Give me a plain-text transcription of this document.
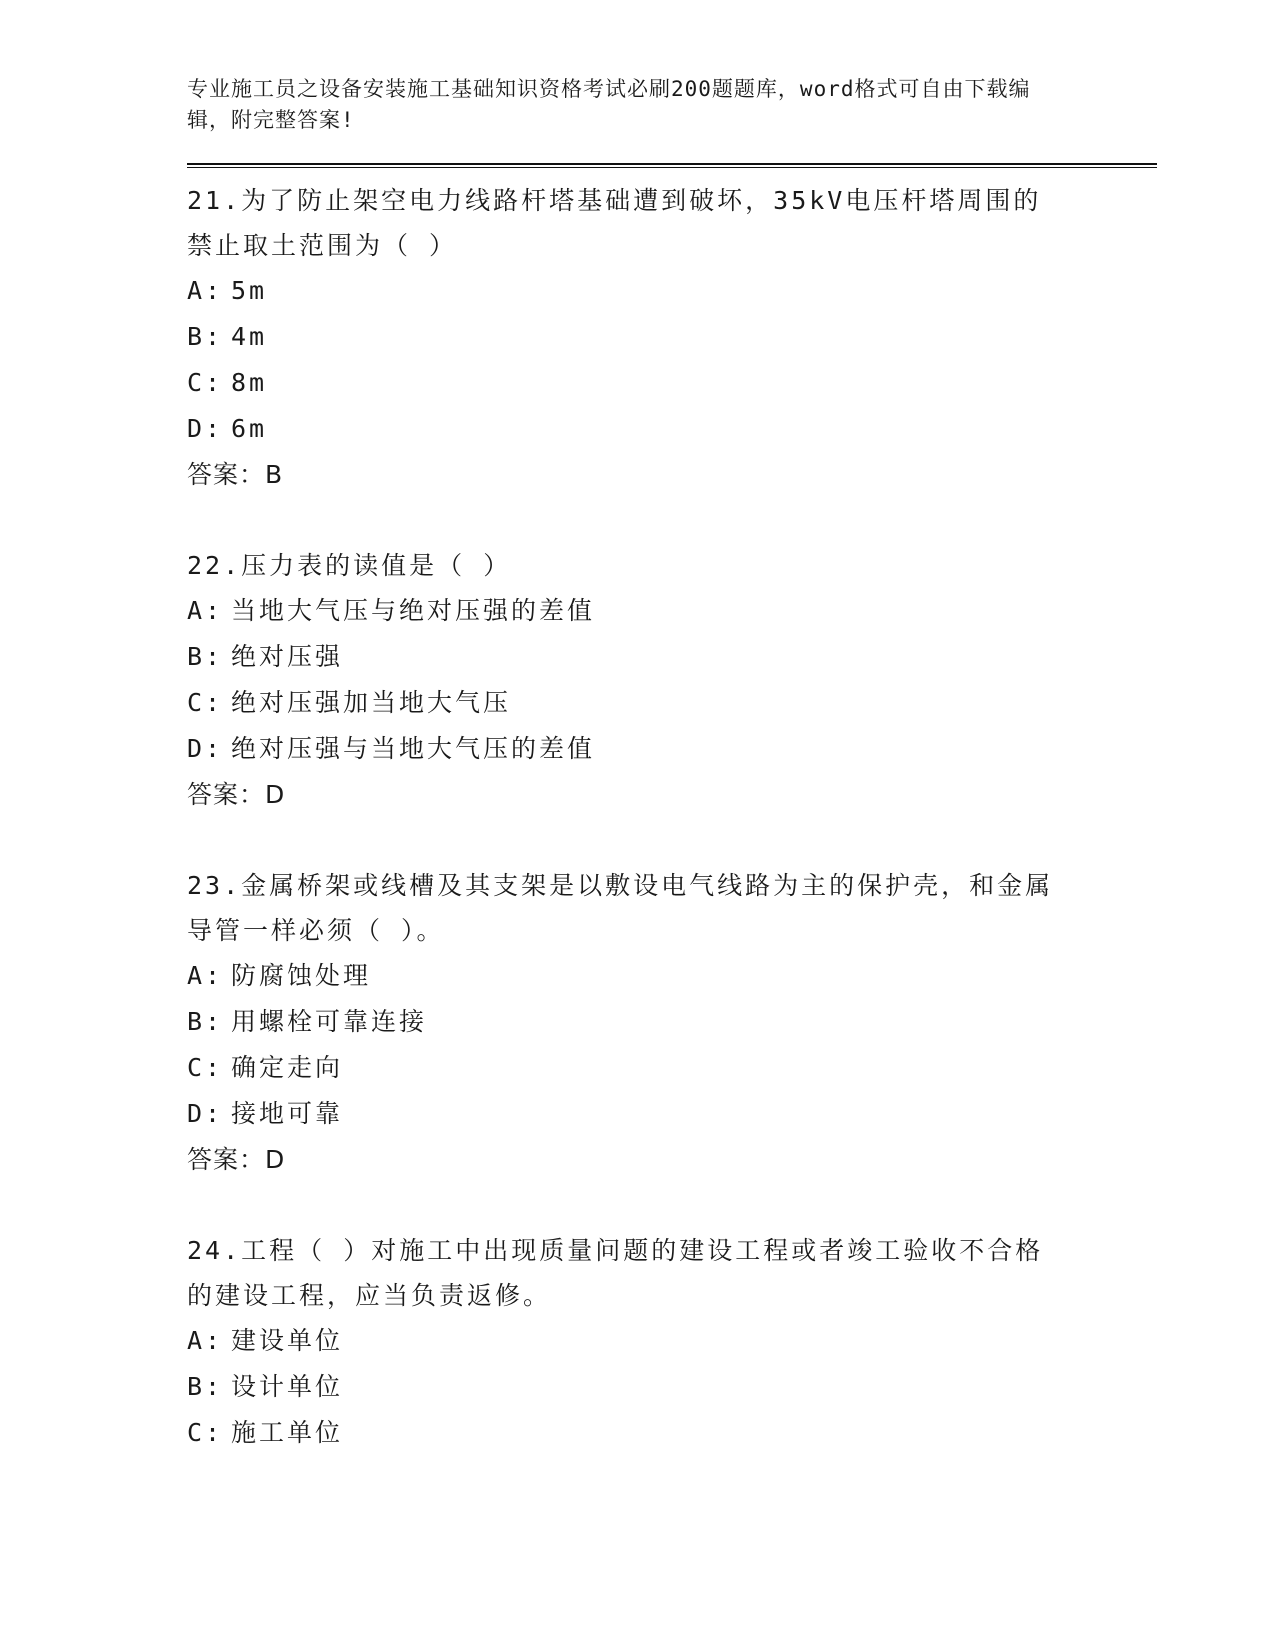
专业施工员之设备安装施工基础知识资格考试必刷200题题库，word格式可自由下载编辑，附完整答案!

21.为了防止架空电力线路杆塔基础遭到破坏，35kV电压杆塔周围的禁止取土范围为（ ）

A: 5m

B: 4m

C: 8m

D: 6m

答案：B

22.压力表的读值是（ ）

A: 当地大气压与绝对压强的差值

B: 绝对压强

C: 绝对压强加当地大气压

D: 绝对压强与当地大气压的差值

答案：D

23.金属桥架或线槽及其支架是以敷设电气线路为主的保护壳，和金属导管一样必须（ ）。

A: 防腐蚀处理

B: 用螺栓可靠连接

C: 确定走向

D: 接地可靠

答案：D

24.工程（ ）对施工中出现质量问题的建设工程或者竣工验收不合格的建设工程，应当负责返修。

A: 建设单位

B: 设计单位

C: 施工单位
